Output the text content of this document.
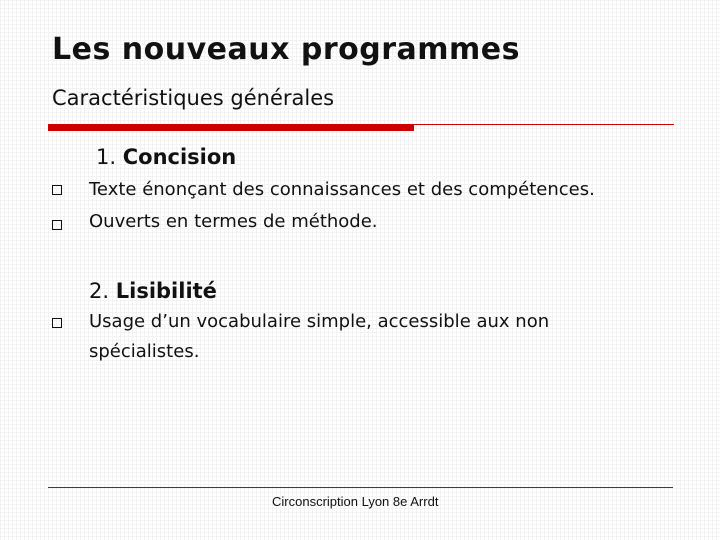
Les nouveaux programmes
Caractéristiques générales
1. Concision
Texte énonçant des connaissances et des compétences.
Ouverts en termes de méthode.
2. Lisibilité
Usage d’un vocabulaire simple, accessible aux non
spécialistes.
Circonscription Lyon 8e Arrdt
